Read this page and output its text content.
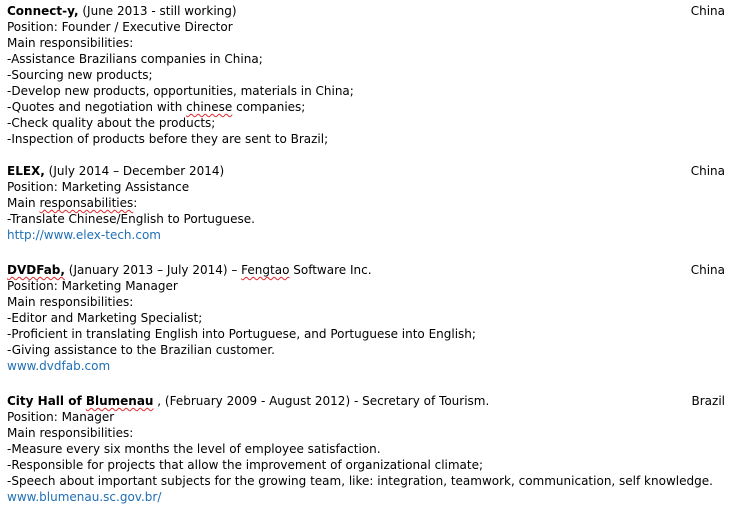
Connect-y, (June 2013 - still working)	China
Position: Founder / Executive Director
Main responsibilities:
-Assistance Brazilians companies in China;
-Sourcing new products;
-Develop new products, opportunities, materials in China;
-Quotes and negotiation with chinese companies;
-Check quality about the products;
-Inspection of products before they are sent to Brazil;
ELEX, (July 2014 – December 2014)	China
Position: Marketing Assistance
Main responsabilities:
-Translate Chinese/English to Portuguese.
http://www.elex-tech.com
DVDFab, (January 2013 – July 2014) – Fengtao Software Inc.	China
Position: Marketing Manager
Main responsibilities:
-Editor and Marketing Specialist;
-Proficient in translating English into Portuguese, and Portuguese into English;
-Giving assistance to the Brazilian customer.
www.dvdfab.com
City Hall of Blumenau , (February 2009 - August 2012) - Secretary of Tourism.	Brazil
Position: Manager
Main responsibilities:
-Measure every six months the level of employee satisfaction.
-Responsible for projects that allow the improvement of organizational climate;
-Speech about important subjects for the growing team, like: integration, teamwork, communication, self knowledge.
www.blumenau.sc.gov.br/
